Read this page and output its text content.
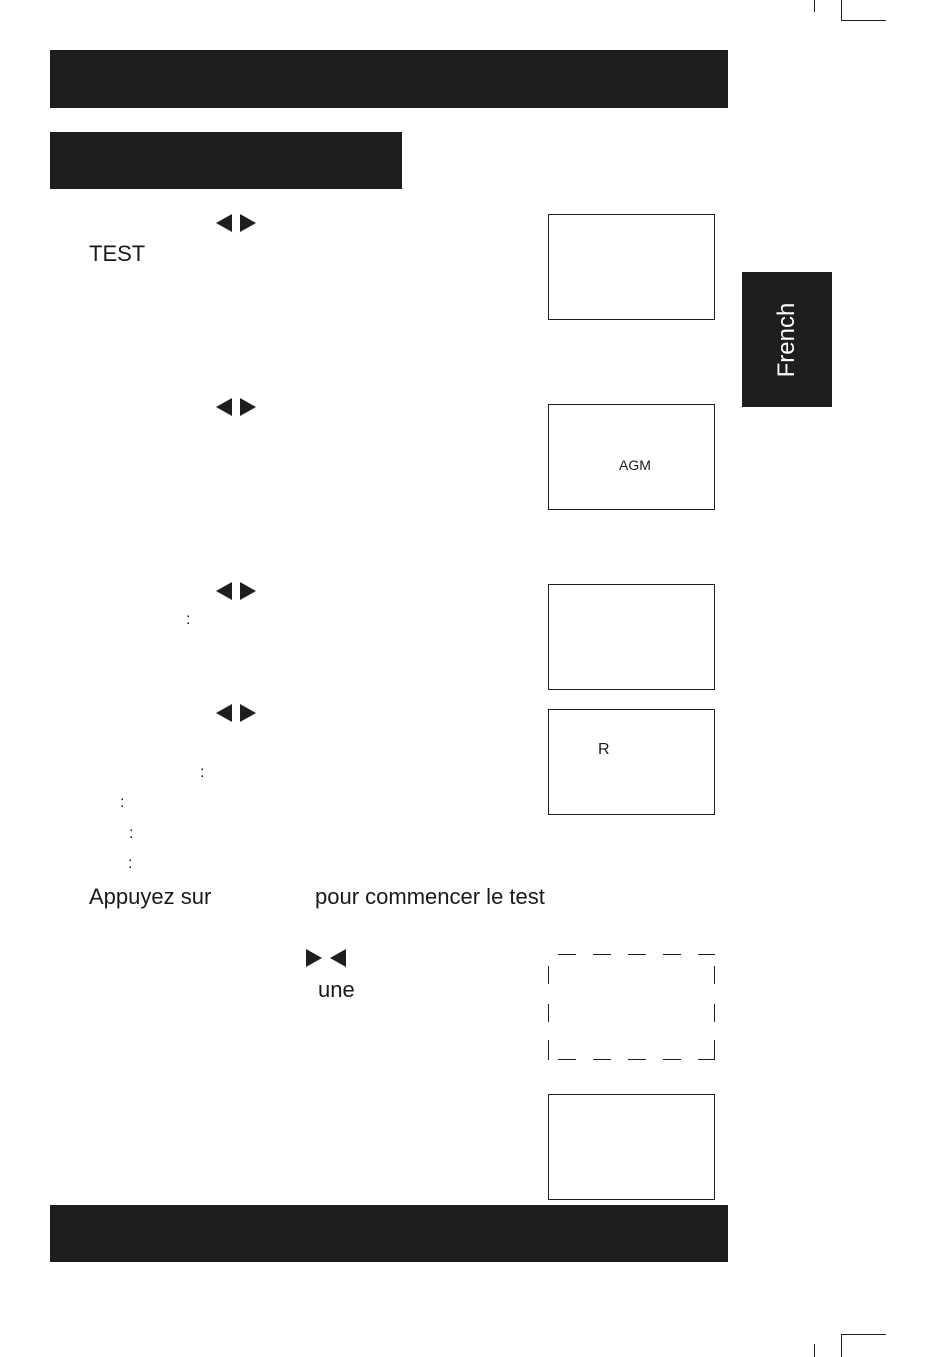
French
TEST
AGM
:
R
:
:
:
:
Appuyez sur	pour commencer le test
une
